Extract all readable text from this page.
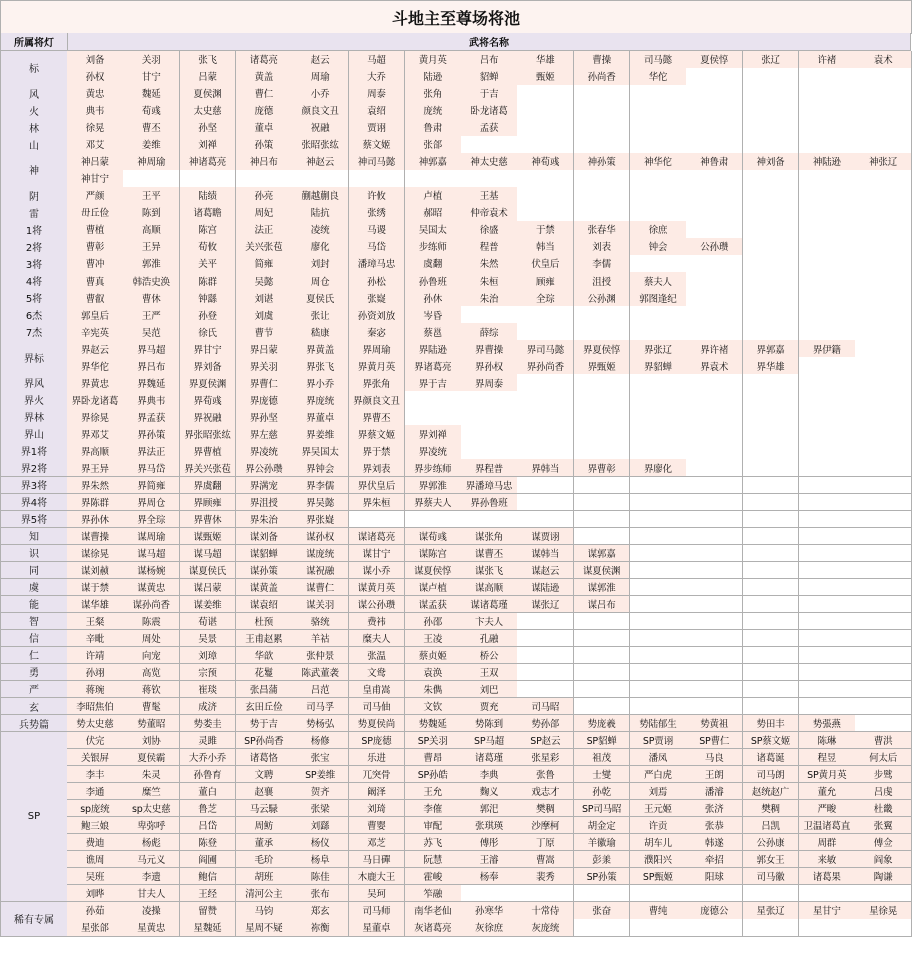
斗地主至尊场将池
所属将灯	武将名称
标
刘备	关羽	张飞	诸葛亮	赵云	马超	黄月英	吕布	华雄	曹操	司马懿	夏侯惇	张辽	许褚	袁术
孙权	甘宁	吕蒙	黄盖	周瑜	大乔	陆逊	貂蝉	甄姬	孙尚香	华佗
风	黄忠	魏延	夏侯渊	曹仁	小乔	周泰	张角	于吉
火	典韦	荀彧	太史慈	庞德	颜良文丑	袁绍	庞统	卧龙诸葛
林	徐晃	曹丕	孙坚	董卓	祝融	贾诩	鲁肃	孟获
山	邓艾	姜维	刘禅	孙策	张昭张纮	蔡文姬	张郃
神
神吕蒙	神周瑜	神诸葛亮	神吕布	神赵云	神司马懿	神郭嘉	神太史慈	神荀彧	神孙策	神华佗	神鲁肃	神刘备	神陆逊	神张辽
神甘宁
阴	严颜	王平	陆绩	孙亮	蒯越蒯良	许攸	卢植	王基
雷	毌丘俭	陈到	诸葛瞻	周妃	陆抗	张绣	郝昭	仲帝袁术
1将	曹植	高顺	陈宫	法正	凌统	马谡	吴国太	徐盛	于禁	张春华	徐庶
2将	曹彰	王异	荀攸	关兴张苞	廖化	马岱	步练师	程普	韩当	刘表	钟会	公孙瓒
3将	曹冲	郭淮	关平	简雍	刘封	潘璋马忠	虞翻	朱然	伏皇后	李儒
4将	曹真	韩浩史涣	陈群	吴懿	周仓	孙松	孙鲁班	朱桓	顾雍	沮授	蔡夫人
5将	曹叡	曹休	钟繇	刘谌	夏侯氏	张嶷	孙休	朱治	全琮	公孙渊	郭图逢纪
6杰	郭皇后	王严	孙登	刘虞	张让	孙资刘放	岑昏
7杰	辛宪英	吴范	徐氏	曹节	嵇康	秦宓	蔡邕	薛综
界标
界赵云	界马超	界甘宁	界吕蒙	界黄盖	界周瑜	界陆逊	界曹操	界司马懿	界夏侯惇	界张辽	界许褚	界郭嘉	界伊籍
界华佗	界吕布	界刘备	界关羽	界张飞	界黄月英	界诸葛亮	界孙权	界孙尚香	界甄姬	界貂蝉	界袁术	界华雄
界风	界黄忠	界魏延	界夏侯渊	界曹仁	界小乔	界张角	界于吉	界周泰
界火	界卧龙诸葛	界典韦	界荀彧	界庞德	界庞统	界颜良文丑
界林	界徐晃	界孟获	界祝融	界孙坚	界董卓	界曹丕
界山	界邓艾	界孙策	界张昭张纮	界左慈	界姜维	界蔡文姬	界刘禅
界1将	界高顺	界法正	界曹植	界凌统	界吴国太	界于禁	界凌统
界2将	界王异	界马岱	界关兴张苞	界公孙瓒	界钟会	界刘表	界步练师	界程普	界韩当	界曹彰	界廖化
界3将	界朱然	界简雍	界虞翻	界满宠	界李儒	界伏皇后	界郭淮	界潘璋马忠
界4将	界陈群	界周仓	界顾雍	界沮授	界吴懿	界朱桓	界蔡夫人	界孙鲁班
界5将	界孙休	界全琮	界曹休	界朱治	界张嶷
知	谋曹操	谋周瑜	谋甄姬	谋刘备	谋孙权	谋诸葛亮	谋荀彧	谋张角	谋贾诩
识	谋徐晃	谋马超	谋马超	谋貂蝉	谋庞统	谋甘宁	谋陈宫	谋曹丕	谋韩当	谋郭嘉
同	谋刘赪	谋杨婉	谋夏侯氏	谋孙策	谋祝融	谋小乔	谋夏侯惇	谋张飞	谋赵云	谋夏侯渊
虞	谋于禁	谋黄忠	谋吕蒙	谋黄盖	谋曹仁	谋黄月英	谋卢植	谋高顺	谋陆逊	谋郭淮
能	谋华雄	谋孙尚香	谋姜维	谋袁绍	谋关羽	谋公孙瓒	谋孟获	谋诸葛瑾	谋张辽	谋吕布
智	王粲	陈震	荀谌	杜预	骆统	费祎	孙邵	卞夫人
信	辛毗	周处	吴景	王甫赵累	羊祜	糜夫人	王凌	孔融
仁	许靖	向宠	刘璋	华歆	张仲景	张温	蔡贞姬	桥公
勇	孙翊	高览	宗预	花鬘	陈武董袭	文鸯	袁涣	王双
严	蒋琬	蒋钦	崔琰	张昌蒲	吕范	皇甫嵩	朱儁	刘巴
玄	李昭焦伯	曹髦	成济	玄田丘俭	司马孚	司马伷	文钦	贾充	司马昭
兵势篇	势太史慈	势董昭	势娄圭	势于吉	势杨弘	势夏侯尚	势魏延	势陈到	势孙郃	势庞羲	势陆郁生	势黄祖	势田丰	势張燕
SP
伏完	刘协	灵雎	SP孙尚香	杨修	SP庞德	SP关羽	SP马超	SP赵云	SP貂蝉	SP贾诩	SP曹仁	SP蔡文姬	陈琳	曹洪
关银屏	夏侯霸	大乔小乔	诸葛恪	张宝	乐进	曹昂	诸葛瑾	张星彩	祖茂	潘凤	马良	诸葛诞	程昱	何太后
李丰	朱灵	孙鲁育	文聘	SP姜维	兀突骨	SP孙皓	李典	张鲁	士燮	严白虎	王朗	司马朗	SP黄月英	步骘
李通	糜竺	董白	赵襄	贺齐	阚泽	王允	麴义	戏志才	孙乾	刘焉	潘濬	赵统赵广	董允	吕虔
sp庞统	sp太史慈	鲁芝	马云騄	张梁	刘琦	李傕	郭汜	樊稠	SP司马昭	王元姬	张济	樊稠	严畯	杜畿
鲍三娘	卑弥呼	吕岱	周鲂	刘繇	曹婴	审配	张琪瑛	沙摩柯	胡金定	许贡	张恭	吕凯	卫温诸葛直	张翼
费迪	杨彪	陈登	董承	杨仪	邓芝	苏飞	傅彤	丁原	羊徽瑜	胡车儿	韩遂	公孙康	周群	傅佥
谯周	马元义	阎圃	毛玠	杨阜	马日磾	阮慧	王濬	曹嵩	彭羕	濮阳兴	牵招	郭女王	来敏	阎象
吴班	李遗	鲍信	胡班	陈佳	木鹿大王	霍峻	杨奉	裴秀	SP孙策	SP甄姬	阳球	司马徽	诸葛果	陶谦
刘晔	甘夫人	王经	清河公主	张布	吴珂	笮融
稀有专属
孙茹	凌操	留赞	马钧	郑玄	司马师	南华老仙	孙寒华	十常侍	张奋	曹纯	庞德公	星张辽	星甘宁	星徐晃
星张郃	星黄忠	星魏延	星周不疑	祢衡	星董卓	灰诸葛亮	灰徐庶	灰庞统
